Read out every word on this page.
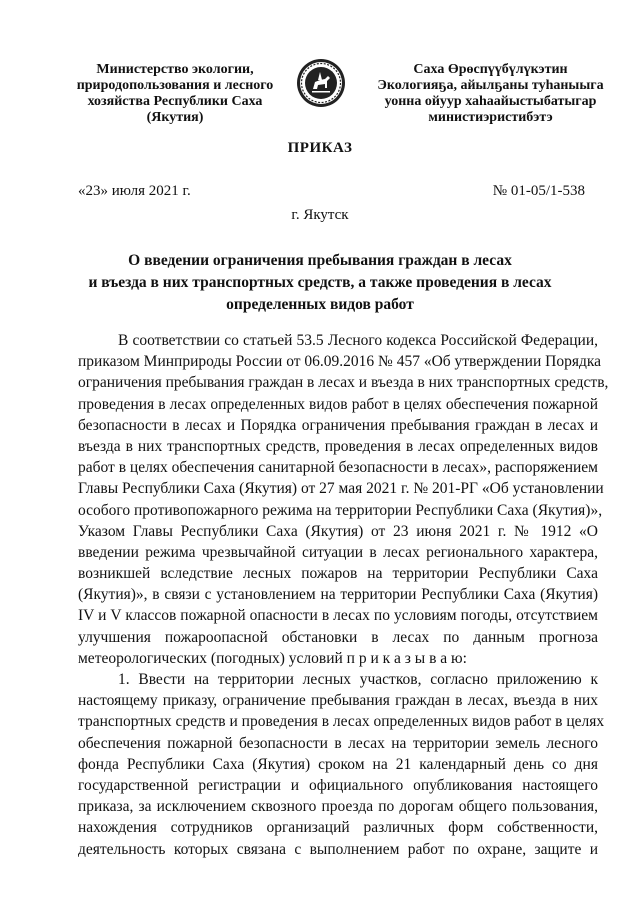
Министерство экологии,
природопользования и лесного
хозяйства Республики Саха
(Якутия)
Саха Өрөспүүбүлүкэтин
Экологияҕа, айылҕаны туһаныыга
уонна ойуур хаһаайыстыбатыгар
министиэристибэтэ
ПРИКАЗ
«23» июля 2021 г.	№ 01-05/1-538
г. Якутск
О введении ограничения пребывания граждан в лесах
и въезда в них транспортных средств, а также проведения в лесах
определенных видов работ
В соответствии со статьей 53.5 Лесного кодекса Российской Федерации,
приказом Минприроды России от 06.09.2016 № 457 «Об утверждении Порядка
ограничения пребывания граждан в лесах и въезда в них транспортных средств,
проведения в лесах определенных видов работ в целях обеспечения пожарной
безопасности в лесах и Порядка ограничения пребывания граждан в лесах и
въезда в них транспортных средств, проведения в лесах определенных видов
работ в целях обеспечения санитарной безопасности в лесах», распоряжением
Главы Республики Саха (Якутия) от 27 мая 2021 г. № 201-РГ «Об установлении
особого противопожарного режима на территории Республики Саха (Якутия)»,
Указом Главы Республики Саха (Якутия) от 23 июня 2021 г. № 1912 «О
введении режима чрезвычайной ситуации в лесах регионального характера,
возникшей вследствие лесных пожаров на территории Республики Саха
(Якутия)», в связи с установлением на территории Республики Саха (Якутия)
IV и V классов пожарной опасности в лесах по условиям погоды, отсутствием
улучшения пожароопасной обстановки в лесах по данным прогноза
метеорологических (погодных) условий п р и к а з ы в а ю:
1. Ввести на территории лесных участков, согласно приложению к
настоящему приказу, ограничение пребывания граждан в лесах, въезда в них
транспортных средств и проведения в лесах определенных видов работ в целях
обеспечения пожарной безопасности в лесах на территории земель лесного
фонда Республики Саха (Якутия) сроком на 21 календарный день со дня
государственной регистрации и официального опубликования настоящего
приказа, за исключением сквозного проезда по дорогам общего пользования,
нахождения сотрудников организаций различных форм собственности,
деятельность которых связана с выполнением работ по охране, защите и
